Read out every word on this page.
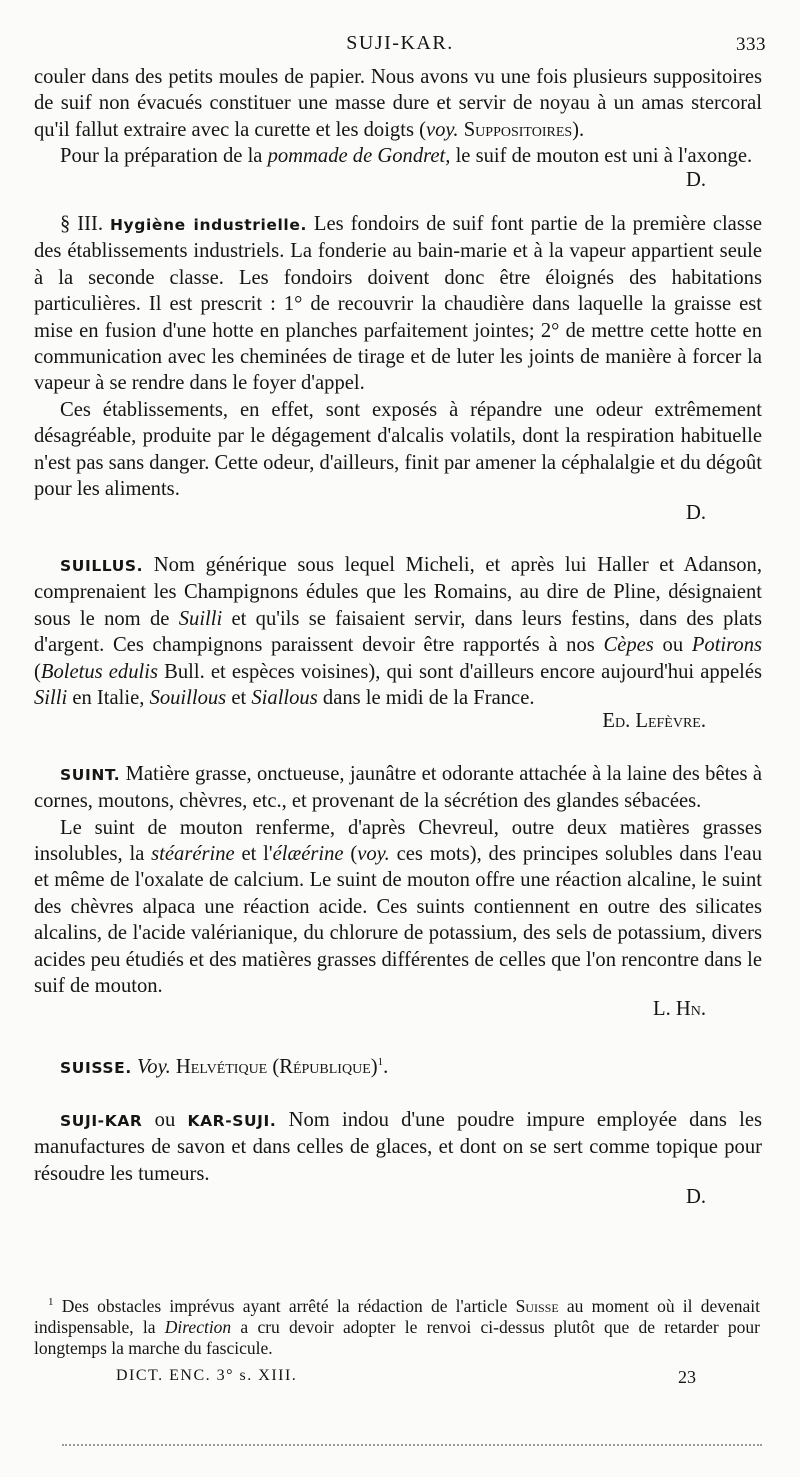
SUJI-KAR.	333

couler dans des petits moules de papier. Nous avons vu une fois plusieurs suppositoires de suif non évacués constituer une masse dure et servir de noyau à un amas stercoral qu'il fallut extraire avec la curette et les doigts (voy. Suppositoires).

Pour la préparation de la pommade de Gondret, le suif de mouton est uni à l'axonge.
D.

§ III. Hygiène industrielle. Les fondoirs de suif font partie de la première classe des établissements industriels. La fonderie au bain-marie et à la vapeur appartient seule à la seconde classe. Les fondoirs doivent donc être éloignés des habitations particulières. Il est prescrit : 1° de recouvrir la chaudière dans laquelle la graisse est mise en fusion d'une hotte en planches parfaitement jointes; 2° de mettre cette hotte en communication avec les cheminées de tirage et de luter les joints de manière à forcer la vapeur à se rendre dans le foyer d'appel.

Ces établissements, en effet, sont exposés à répandre une odeur extrêmement désagréable, produite par le dégagement d'alcalis volatils, dont la respiration habituelle n'est pas sans danger. Cette odeur, d'ailleurs, finit par amener la céphalalgie et du dégoût pour les aliments.
D.

SUILLUS. Nom générique sous lequel Micheli, et après lui Haller et Adanson, comprenaient les Champignons édules que les Romains, au dire de Pline, désignaient sous le nom de Suilli et qu'ils se faisaient servir, dans leurs festins, dans des plats d'argent. Ces champignons paraissent devoir être rapportés à nos Cèpes ou Potirons (Boletus edulis Bull. et espèces voisines), qui sont d'ailleurs encore aujourd'hui appelés Silli en Italie, Souillous et Siallous dans le midi de la France.
Ed. Lefèvre.

SUINT. Matière grasse, onctueuse, jaunâtre et odorante attachée à la laine des bêtes à cornes, moutons, chèvres, etc., et provenant de la sécrétion des glandes sébacées.

Le suint de mouton renferme, d'après Chevreul, outre deux matières grasses insolubles, la stéarérine et l'élæérine (voy. ces mots), des principes solubles dans l'eau et même de l'oxalate de calcium. Le suint de mouton offre une réaction alcaline, le suint des chèvres alpaca une réaction acide. Ces suints contiennent en outre des silicates alcalins, de l'acide valérianique, du chlorure de potassium, des sels de potassium, divers acides peu étudiés et des matières grasses différentes de celles que l'on rencontre dans le suif de mouton.
L. Hn.

SUISSE. Voy. Helvétique (République)$^1$.

SUJI-KAR ou KAR-SUJI. Nom indou d'une poudre impure employée dans les manufactures de savon et dans celles de glaces, et dont on se sert comme topique pour résoudre les tumeurs.
D.

$^1$ Des obstacles imprévus ayant arrêté la rédaction de l'article Suisse au moment où il devenait indispensable, la Direction a cru devoir adopter le renvoi ci-dessus plutôt que de retarder pour longtemps la marche du fascicule.

DICT. ENC. 3° s. XIII.	23
